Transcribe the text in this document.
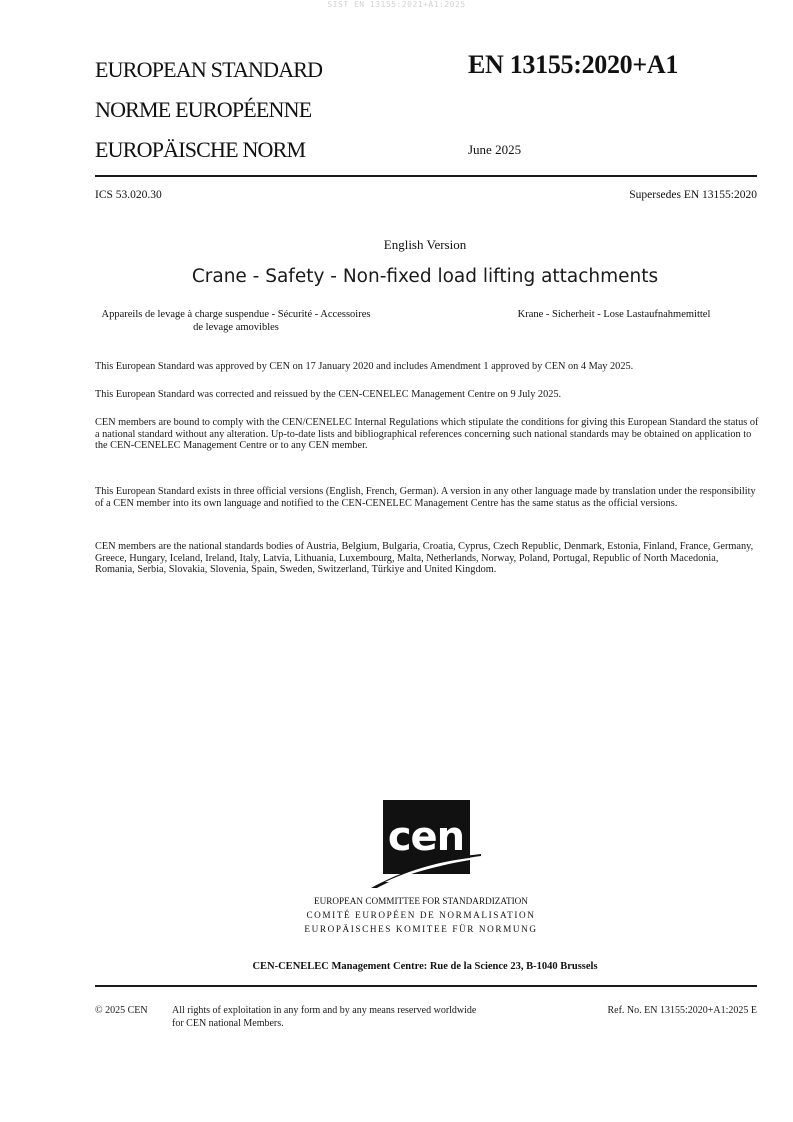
SIST EN 13155:2021+A1:2025
EUROPEAN STANDARD
NORME EUROPÉENNE
EUROPÄISCHE NORM
EN 13155:2020+A1
June 2025
ICS 53.020.30	Supersedes EN 13155:2020
English Version
Crane - Safety - Non-fixed load lifting attachments
Appareils de levage à charge suspendue - Sécurité - Accessoires de levage amovibles
Krane - Sicherheit - Lose Lastaufnahmemittel
This European Standard was approved by CEN on 17 January 2020 and includes Amendment 1 approved by CEN on 4 May 2025.
This European Standard was corrected and reissued by the CEN-CENELEC Management Centre on 9 July 2025.
CEN members are bound to comply with the CEN/CENELEC Internal Regulations which stipulate the conditions for giving this European Standard the status of a national standard without any alteration. Up-to-date lists and bibliographical references concerning such national standards may be obtained on application to the CEN-CENELEC Management Centre or to any CEN member.
This European Standard exists in three official versions (English, French, German). A version in any other language made by translation under the responsibility of a CEN member into its own language and notified to the CEN-CENELEC Management Centre has the same status as the official versions.
CEN members are the national standards bodies of Austria, Belgium, Bulgaria, Croatia, Cyprus, Czech Republic, Denmark, Estonia, Finland, France, Germany, Greece, Hungary, Iceland, Ireland, Italy, Latvia, Lithuania, Luxembourg, Malta, Netherlands, Norway, Poland, Portugal, Republic of North Macedonia, Romania, Serbia, Slovakia, Slovenia, Spain, Sweden, Switzerland, Türkiye and United Kingdom.
cen
EUROPEAN COMMITTEE FOR STANDARDIZATION
COMITÉ EUROPÉEN DE NORMALISATION
EUROPÄISCHES KOMITEE FÜR NORMUNG
CEN-CENELEC Management Centre: Rue de la Science 23, B-1040 Brussels
© 2025 CEN All rights of exploitation in any form and by any means reserved worldwide for CEN national Members.
Ref. No. EN 13155:2020+A1:2025 E
